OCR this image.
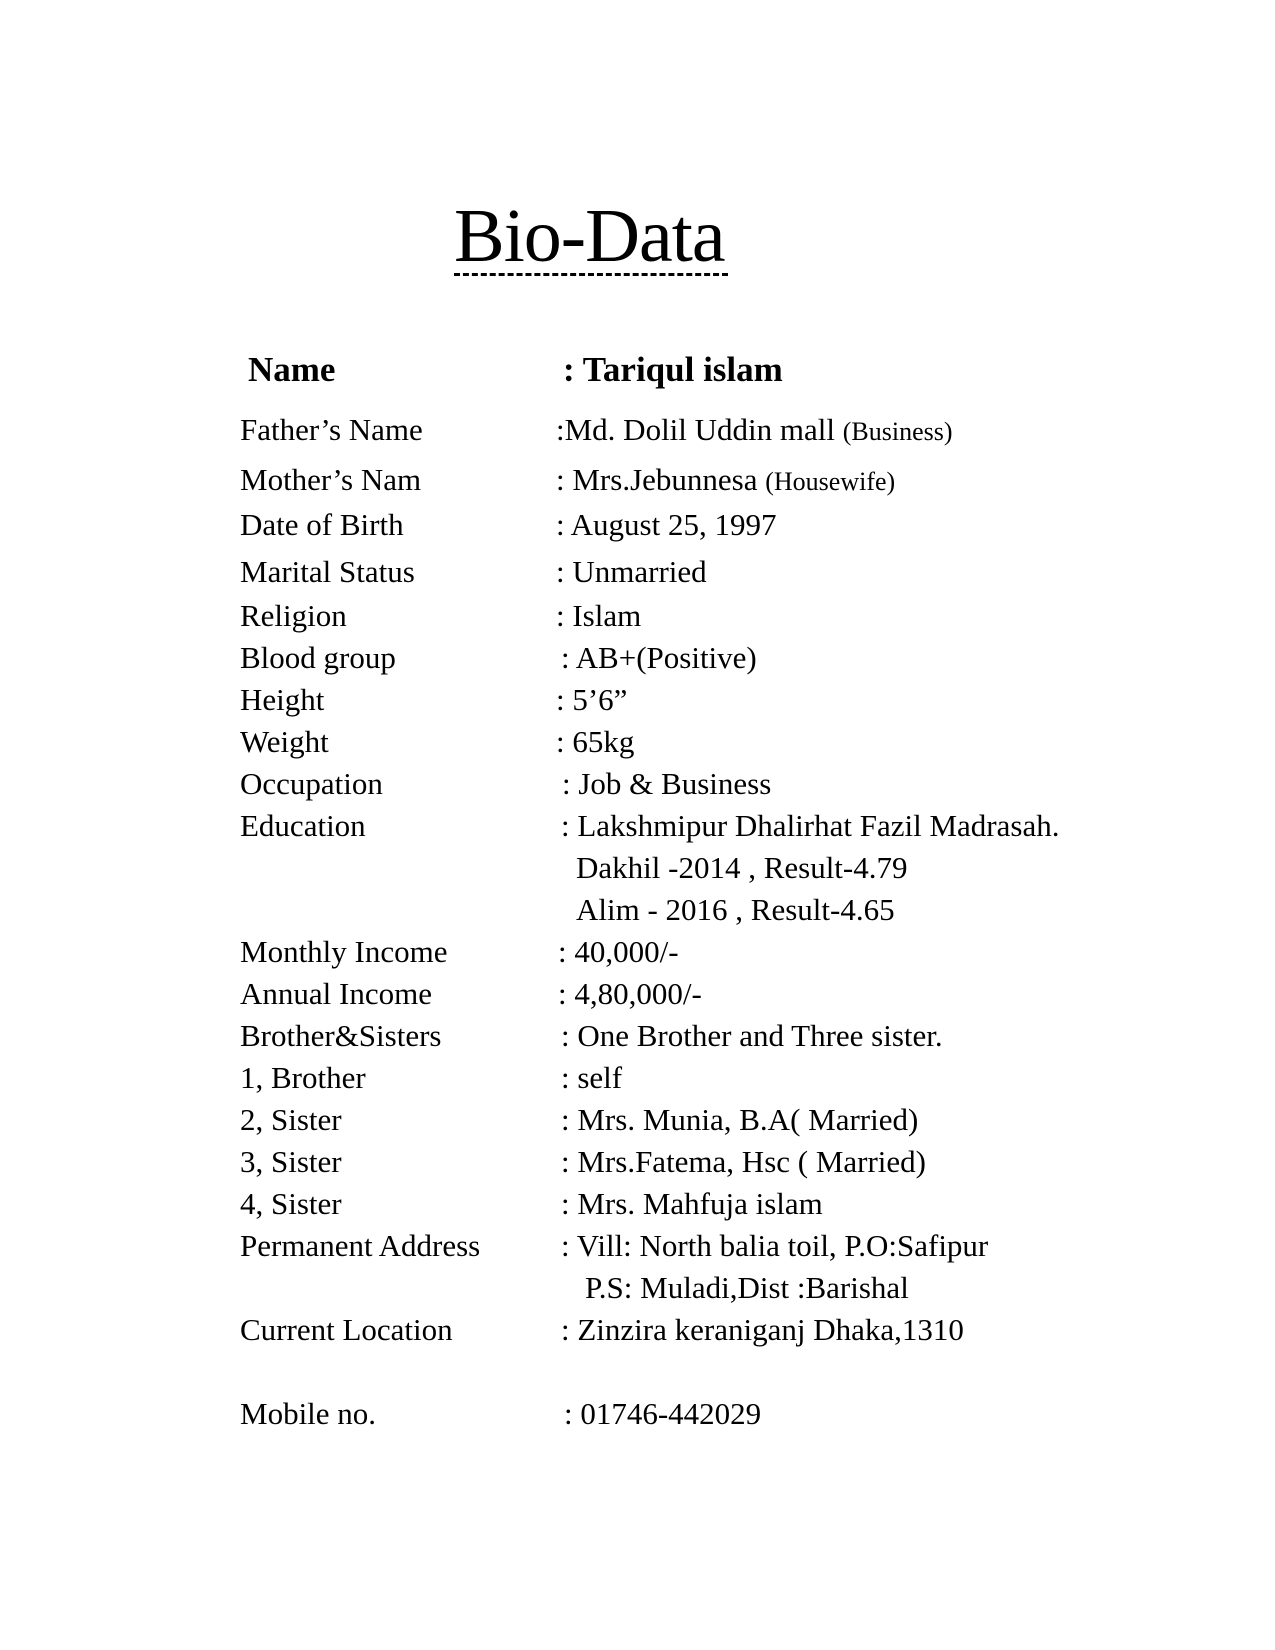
Bio-Data
Name	: Tariqul islam
Father’s Name	:Md. Dolil Uddin mall (Business)
Mother’s Nam	: Mrs.Jebunnesa (Housewife)
Date of Birth	: August 25, 1997
Marital Status	: Unmarried
Religion	: Islam
Blood group	: AB+(Positive)
Height	: 5’6”
Weight	: 65kg
Occupation	: Job & Business
Education	: Lakshmipur Dhalirhat Fazil Madrasah.
Dakhil -2014 , Result-4.79
Alim - 2016 , Result-4.65
Monthly Income	: 40,000/-
Annual Income	: 4,80,000/-
Brother&Sisters	: One Brother and Three sister.
1, Brother	: self
2, Sister	: Mrs. Munia, B.A( Married)
3, Sister	: Mrs.Fatema, Hsc ( Married)
4, Sister	: Mrs. Mahfuja islam
Permanent Address	: Vill: North balia toil, P.O:Safipur
P.S: Muladi,Dist :Barishal
Current Location	: Zinzira keraniganj Dhaka,1310
Mobile no.	: 01746-442029
